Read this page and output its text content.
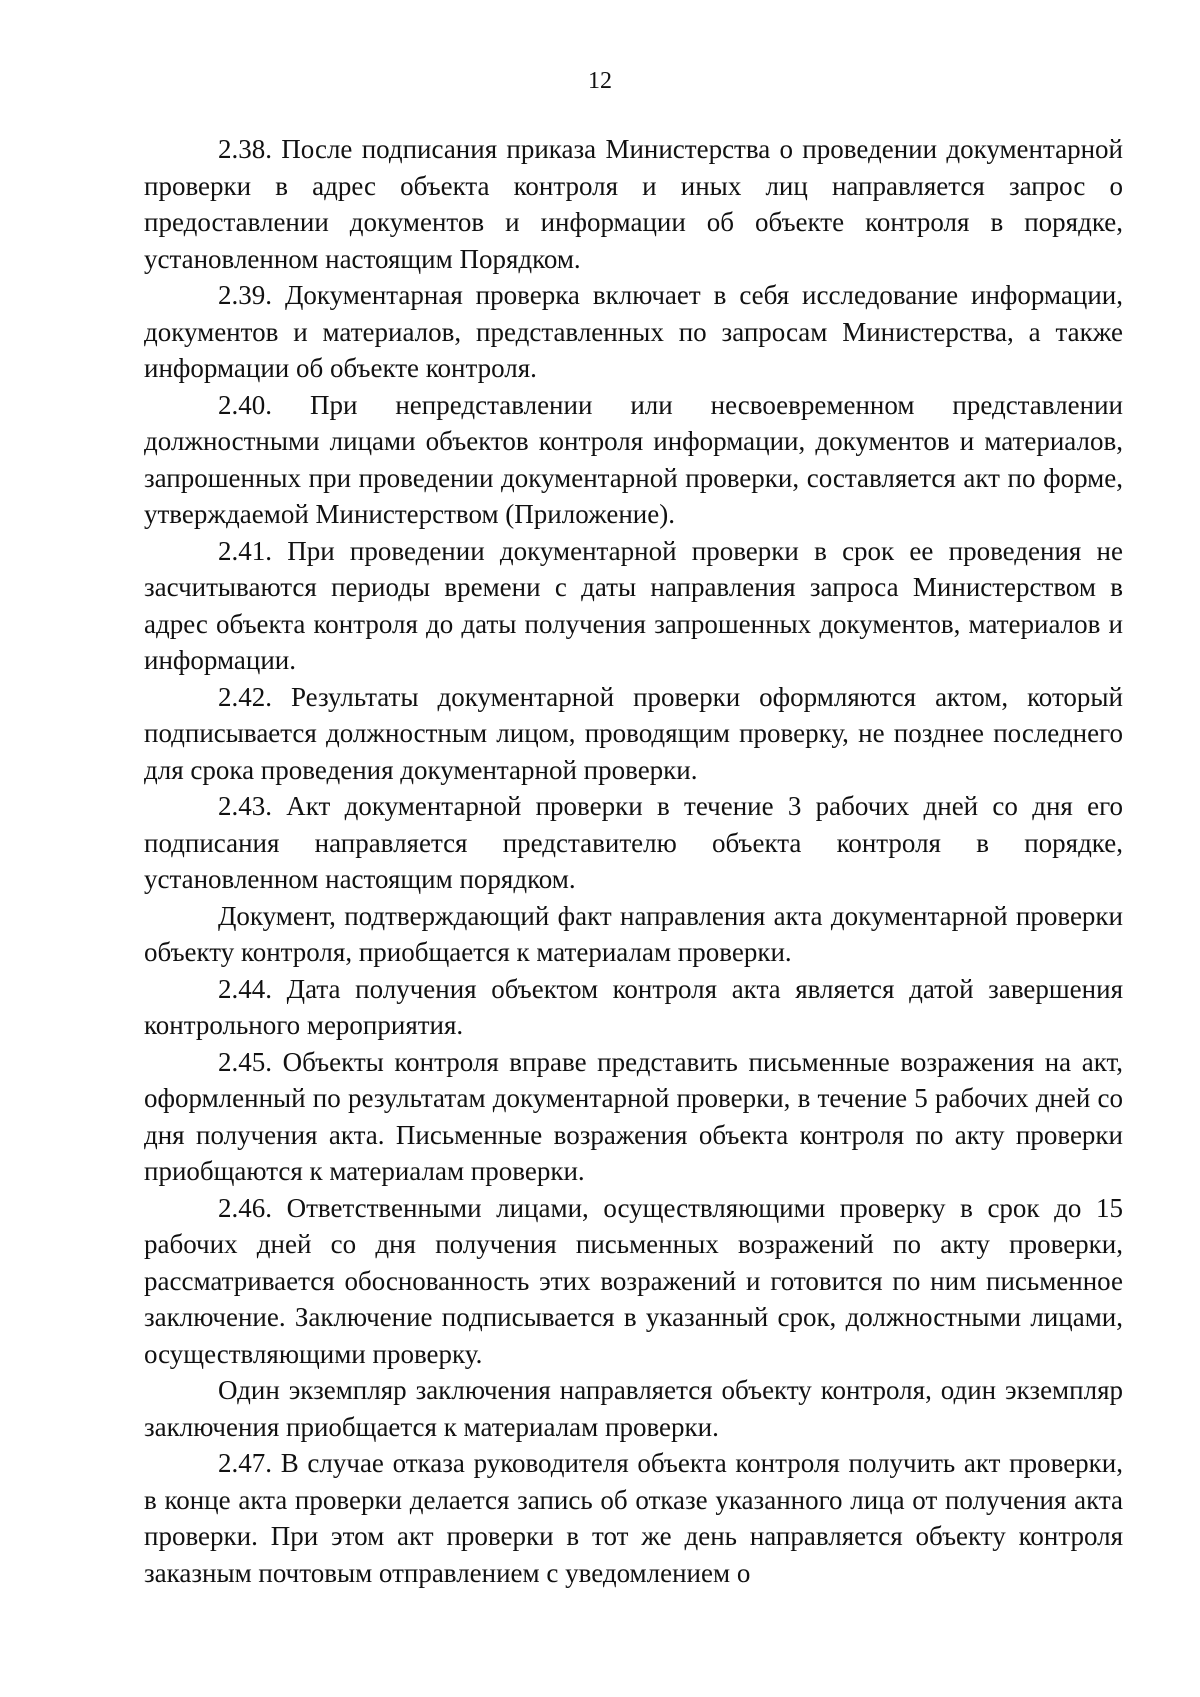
12

2.38. После подписания приказа Министерства о проведении документарной проверки в адрес объекта контроля и иных лиц направляется запрос о предоставлении документов и информации об объекте контроля в порядке, установленном настоящим Порядком.

2.39. Документарная проверка включает в себя исследование информации, документов и материалов, представленных по запросам Министерства, а также информации об объекте контроля.

2.40. При непредставлении или несвоевременном представлении должностными лицами объектов контроля информации, документов и материалов, запрошенных при проведении документарной проверки, составляется акт по форме, утверждаемой Министерством (Приложение).

2.41. При проведении документарной проверки в срок ее проведения не засчитываются периоды времени с даты направления запроса Министерством в адрес объекта контроля до даты получения запрошенных документов, материалов и информации.

2.42. Результаты документарной проверки оформляются актом, который подписывается должностным лицом, проводящим проверку, не позднее последнего для срока проведения документарной проверки.

2.43. Акт документарной проверки в течение 3 рабочих дней со дня его подписания направляется представителю объекта контроля в порядке, установленном настоящим порядком.

Документ, подтверждающий факт направления акта документарной проверки объекту контроля, приобщается к материалам проверки.

2.44. Дата получения объектом контроля акта является датой завершения контрольного мероприятия.

2.45. Объекты контроля вправе представить письменные возражения на акт, оформленный по результатам документарной проверки, в течение 5 рабочих дней со дня получения акта. Письменные возражения объекта контроля по акту проверки приобщаются к материалам проверки.

2.46. Ответственными лицами, осуществляющими проверку в срок до 15 рабочих дней со дня получения письменных возражений по акту проверки, рассматривается обоснованность этих возражений и готовится по ним письменное заключение. Заключение подписывается в указанный срок, должностными лицами, осуществляющими проверку.

Один экземпляр заключения направляется объекту контроля, один экземпляр заключения приобщается к материалам проверки.

2.47. В случае отказа руководителя объекта контроля получить акт проверки, в конце акта проверки делается запись об отказе указанного лица от получения акта проверки. При этом акт проверки в тот же день направляется объекту контроля заказным почтовым отправлением с уведомлением о
